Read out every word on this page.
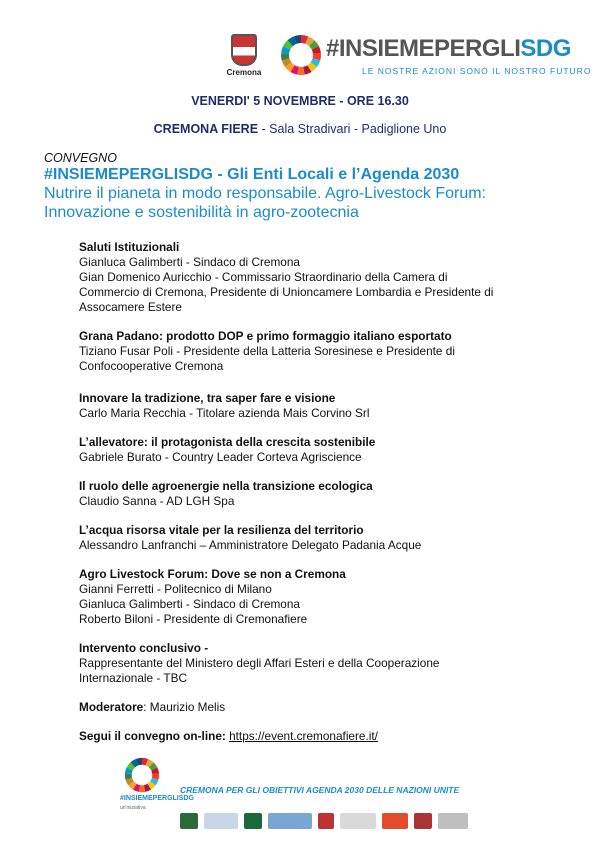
Cremona
#INSIEMEPERGLISDG
LE NOSTRE AZIONI SONO IL NOSTRO FUTURO
VENERDI' 5 NOVEMBRE - ORE 16.30
CREMONA FIERE - Sala Stradivari - Padiglione Uno
CONVEGNO
#INSIEMEPERGLISDG - Gli Enti Locali e l’Agenda 2030
Nutrire il pianeta in modo responsabile. Agro-Livestock Forum: Innovazione e sostenibilità in agro-zootecnia
Saluti Istituzionali
Gianluca Galimberti - Sindaco di Cremona
Gian Domenico Auricchio - Commissario Straordinario della Camera di
Commercio di Cremona, Presidente di Unioncamere Lombardia e Presidente di
Assocamere Estere
Grana Padano: prodotto DOP e primo formaggio italiano esportato
Tiziano Fusar Poli - Presidente della Latteria Soresinese e Presidente di
Confocooperative Cremona
Innovare la tradizione, tra saper fare e visione
Carlo Maria Recchia - Titolare azienda Mais Corvino Srl
L’allevatore: il protagonista della crescita sostenibile
Gabriele Burato - Country Leader Corteva Agriscience
Il ruolo delle agroenergie nella transizione ecologica
Claudio Sanna - AD LGH Spa
L’acqua risorsa vitale per la resilienza del territorio
Alessandro Lanfranchi – Amministratore Delegato Padania Acque
Agro Livestock Forum: Dove se non a Cremona
Gianni Ferretti - Politecnico di Milano
Gianluca Galimberti - Sindaco di Cremona
Roberto Biloni - Presidente di Cremonafiere
Intervento conclusivo -
Rappresentante del Ministero degli Affari Esteri e della Cooperazione
Internazionale - TBC
Moderatore: Maurizio Melis
Segui il convegno on-line: https://event.cremonafiere.it/
#INSIEMEPERGLISDG
un'iniziativa
CREMONA PER GLI OBIETTIVI AGENDA 2030 DELLE NAZIONI UNITE
